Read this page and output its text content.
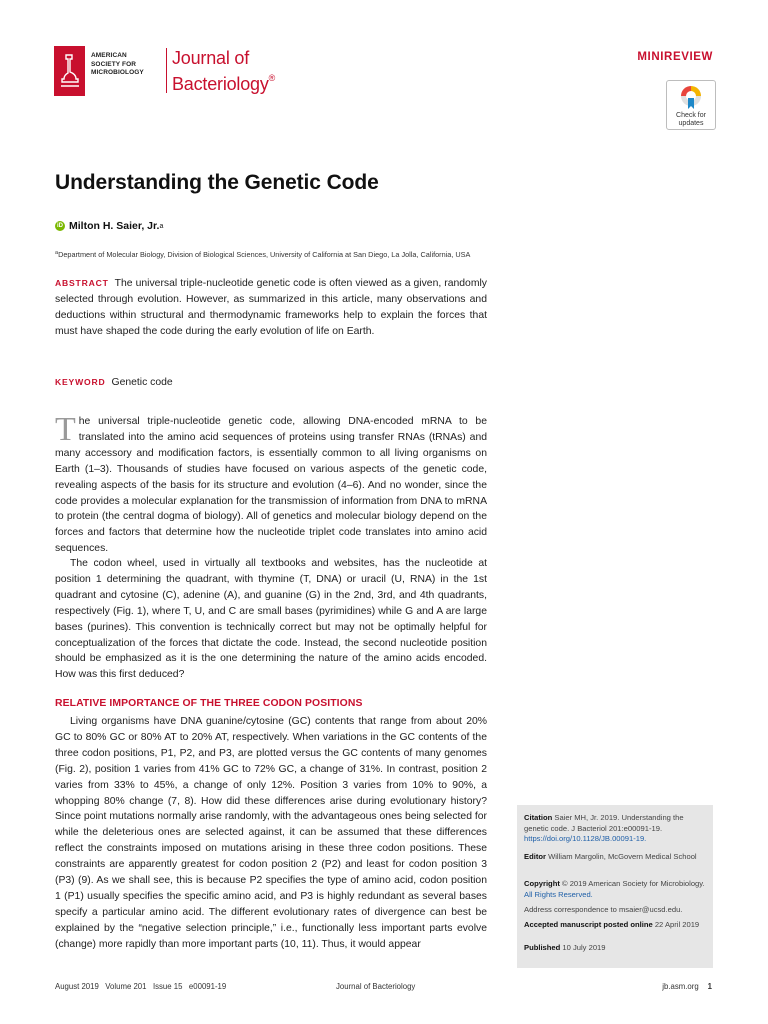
AMERICAN
SOCIETY FOR
MICROBIOLOGY
Journal of
Bacteriology®
MINIREVIEW
Check for
updates
Understanding the Genetic Code
iD Milton H. Saier, Jr. a
$^a$Department of Molecular Biology, Division of Biological Sciences, University of California at San Diego, La Jolla, California, USA

ABSTRACT The universal triple-nucleotide genetic code is often viewed as a given, randomly selected through evolution. However, as summarized in this article, many observations and deductions within structural and thermodynamic frameworks help to explain the forces that must have shaped the code during the early evolution of life on Earth.

KEYWORD Genetic code

The universal triple-nucleotide genetic code, allowing DNA-encoded mRNA to be translated into the amino acid sequences of proteins using transfer RNAs (tRNAs) and many accessory and modification factors, is essentially common to all living organisms on Earth (1–3). Thousands of studies have focused on various aspects of the genetic code, revealing aspects of the basis for its structure and evolution (4–6). And no wonder, since the code provides a molecular explanation for the transmission of information from DNA to mRNA to protein (the central dogma of biology). All of genetics and molecular biology depend on the forces and factors that determine how the nucleotide triplet code translates into amino acid sequences.

The codon wheel, used in virtually all textbooks and websites, has the nucleotide at position 1 determining the quadrant, with thymine (T, DNA) or uracil (U, RNA) in the 1st quadrant and cytosine (C), adenine (A), and guanine (G) in the 2nd, 3rd, and 4th quadrants, respectively (Fig. 1), where T, U, and C are small bases (pyrimidines) while G and A are large bases (purines). This convention is technically correct but may not be optimally helpful for conceptualization of the forces that dictate the code. Instead, the second nucleotide position should be emphasized as it is the one determining the nature of the amino acids encoded. How was this first deduced?

RELATIVE IMPORTANCE OF THE THREE CODON POSITIONS

Living organisms have DNA guanine/cytosine (GC) contents that range from about 20% GC to 80% GC or 80% AT to 20% AT, respectively. When variations in the GC contents of the three codon positions, P1, P2, and P3, are plotted versus the GC contents of many genomes (Fig. 2), position 1 varies from 41% GC to 72% GC, a change of 31%. In contrast, position 2 varies from 33% to 45%, a change of only 12%. Position 3 varies from 10% to 90%, a whopping 80% change (7, 8). How did these differences arise during evolutionary history? Since point mutations normally arise randomly, with the advantageous ones being selected for while the deleterious ones are selected against, it can be assumed that these differences reflect the constraints imposed on mutations arising in these three codon positions. These constraints are apparently greatest for codon position 2 (P2) and least for codon position 3 (P3) (9). As we shall see, this is because P2 specifies the type of amino acid, codon position 1 (P1) usually specifies the specific amino acid, and P3 is highly redundant as several bases specify a particular amino acid. The different evolutionary rates of divergence can best be explained by the “negative selection principle,” i.e., functionally less important parts evolve (change) more rapidly than more important parts (10, 11). Thus, it would appear

Citation Saier MH, Jr. 2019. Understanding the genetic code. J Bacteriol 201:e00091-19. https://doi.org/10.1128/JB.00091-19.
Editor William Margolin, McGovern Medical School
Copyright © 2019 American Society for Microbiology. All Rights Reserved.
Address correspondence to msaier@ucsd.edu.
Accepted manuscript posted online 22 April 2019
Published 10 July 2019
August 2019   Volume 201   Issue 15   e00091-19	Journal of Bacteriology	jb.asm.org 1
